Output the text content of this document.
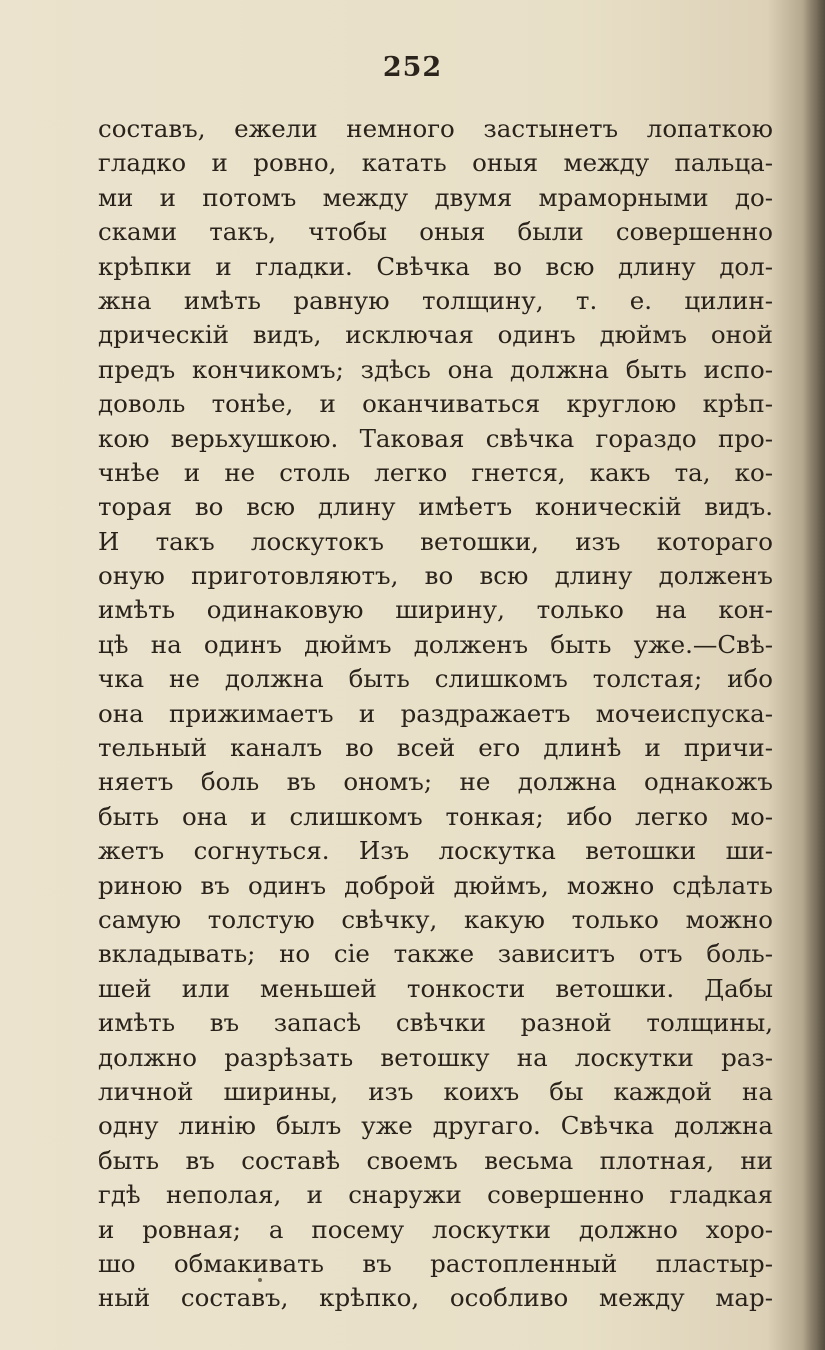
252
составъ, ежели немного застынетъ лопаткою
гладко и ровно, катать оныя между пальца-
ми и потомъ между двумя мраморными до-
сками такъ, чтобы оныя были совершенно
крѣпки и гладки. Свѣчка во всю длину дол-
жна имѣть равную толщину, т. е. цилин-
дрическій видъ, исключая одинъ дюймъ оной
предъ кончикомъ; здѣсь она должна быть испо-
доволь тонѣе, и оканчиваться круглою крѣп-
кою верьхушкою. Таковая свѣчка гораздо про-
чнѣе и не столь легко гнется, какъ та, ко-
торая во всю длину имѣетъ коническій видъ.
И такъ лоскутокъ ветошки, изъ котораго
оную приготовляютъ, во всю длину долженъ
имѣть одинаковую ширину, только на кон-
цѣ на одинъ дюймъ долженъ быть уже.—Свѣ-
чка не должна быть слишкомъ толстая; ибо
она прижимаетъ и раздражаетъ мочеиспуска-
тельный каналъ во всей его длинѣ и причи-
няетъ боль въ ономъ; не должна однакожъ
быть она и слишкомъ тонкая; ибо легко мо-
жетъ согнуться. Изъ лоскутка ветошки ши-
риною въ одинъ доброй дюймъ, можно сдѣлать
самую толстую свѣчку, какую только можно
вкладывать; но сіе также зависитъ отъ боль-
шей или меньшей тонкости ветошки. Дабы
имѣть въ запасѣ свѣчки разной толщины,
должно разрѣзать ветошку на лоскутки раз-
личной ширины, изъ коихъ бы каждой на
одну линію былъ уже другаго. Свѣчка должна
быть въ составѣ своемъ весьма плотная, ни
гдѣ неполая, и снаружи совершенно гладкая
и ровная; а посему лоскутки должно хоро-
шо обмакивать въ растопленный пластыр-
ный составъ, крѣпко, особливо между мар-
